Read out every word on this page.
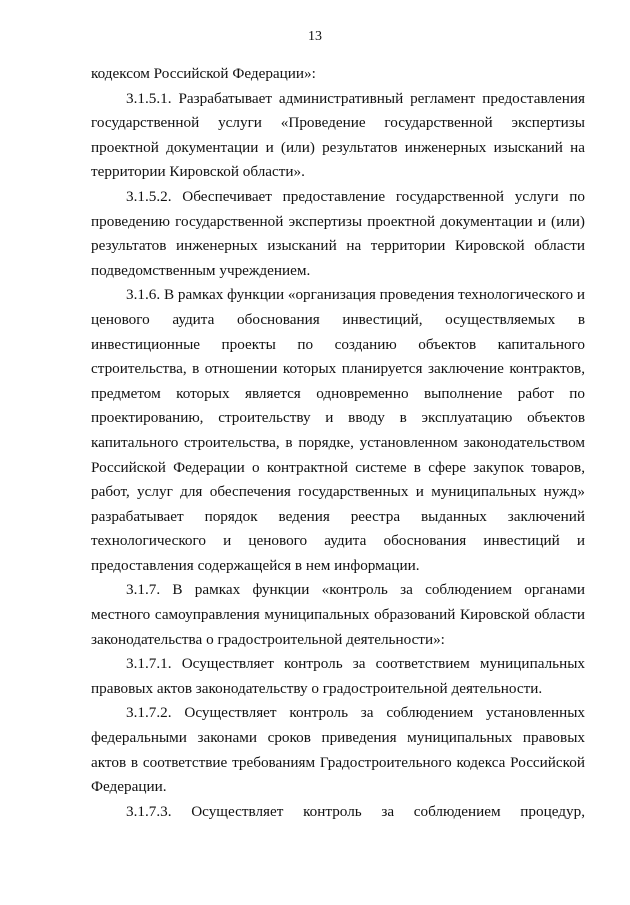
13

кодексом Российской Федерации»:

3.1.5.1. Разрабатывает административный регламент предоставления государственной услуги «Проведение государственной экспертизы проектной документации и (или) результатов инженерных изысканий на территории Кировской области».

3.1.5.2. Обеспечивает предоставление государственной услуги по проведению государственной экспертизы проектной документации и (или) результатов инженерных изысканий на территории Кировской области подведомственным учреждением.

3.1.6. В рамках функции «организация проведения технологического и ценового аудита обоснования инвестиций, осуществляемых в инвестиционные проекты по созданию объектов капитального строительства, в отношении которых планируется заключение контрактов, предметом которых является одновременно выполнение работ по проектированию, строительству и вводу в эксплуатацию объектов капитального строительства, в порядке, установленном законодательством Российской Федерации о контрактной системе в сфере закупок товаров, работ, услуг для обеспечения государственных и муниципальных нужд» разрабатывает порядок ведения реестра выданных заключений технологического и ценового аудита обоснования инвестиций и предоставления содержащейся в нем информации.

3.1.7. В рамках функции «контроль за соблюдением органами местного самоуправления муниципальных образований Кировской области законодательства о градостроительной деятельности»:

3.1.7.1. Осуществляет контроль за соответствием муниципальных правовых актов законодательству о градостроительной деятельности.

3.1.7.2. Осуществляет контроль за соблюдением установленных федеральными законами сроков приведения муниципальных правовых актов в соответствие требованиям Градостроительного кодекса Российской Федерации.

3.1.7.3. Осуществляет контроль за соблюдением процедур,
